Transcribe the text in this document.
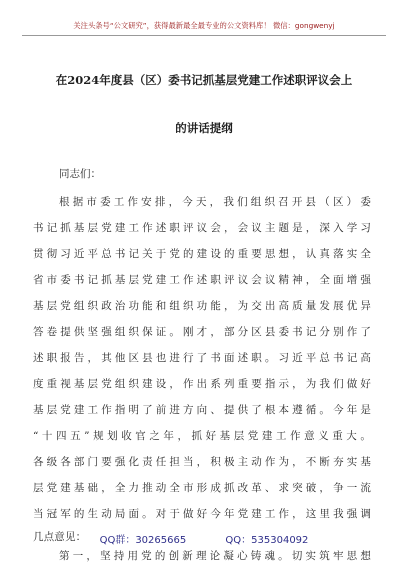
关注头条号“公文研究”，获得最新最全最专业的公文资料库！ 微信：gongwenyj
在2024年度县（区）委书记抓基层党建工作述职评议会上
的讲话提纲
同志们：
根据市委工作安排，今天，我们组织召开县（区）委
书记抓基层党建工作述职评议会，会议主题是，深入学习
贯彻习近平总书记关于党的建设的重要思想，认真落实全
省市委书记抓基层党建工作述职评议会议精神，全面增强
基层党组织政治功能和组织功能，为交出高质量发展优异
答卷提供坚强组织保证。刚才，部分区县委书记分别作了
述职报告，其他区县也进行了书面述职。习近平总书记高
度重视基层党组织建设，作出系列重要指示，为我们做好
基层党建工作指明了前进方向、提供了根本遵循。今年是
“十四五”规划收官之年，抓好基层党建工作意义重大。
各级各部门要强化责任担当，积极主动作为，不断夯实基
层党建基础，全力推动全市形成抓改革、求突破，争一流
当冠军的生动局面。对于做好今年党建工作，这里我强调
几点意见：
第一，坚持用党的创新理论凝心铸魂。切实筑牢思想
QQ群：30265665	QQ：535304092
